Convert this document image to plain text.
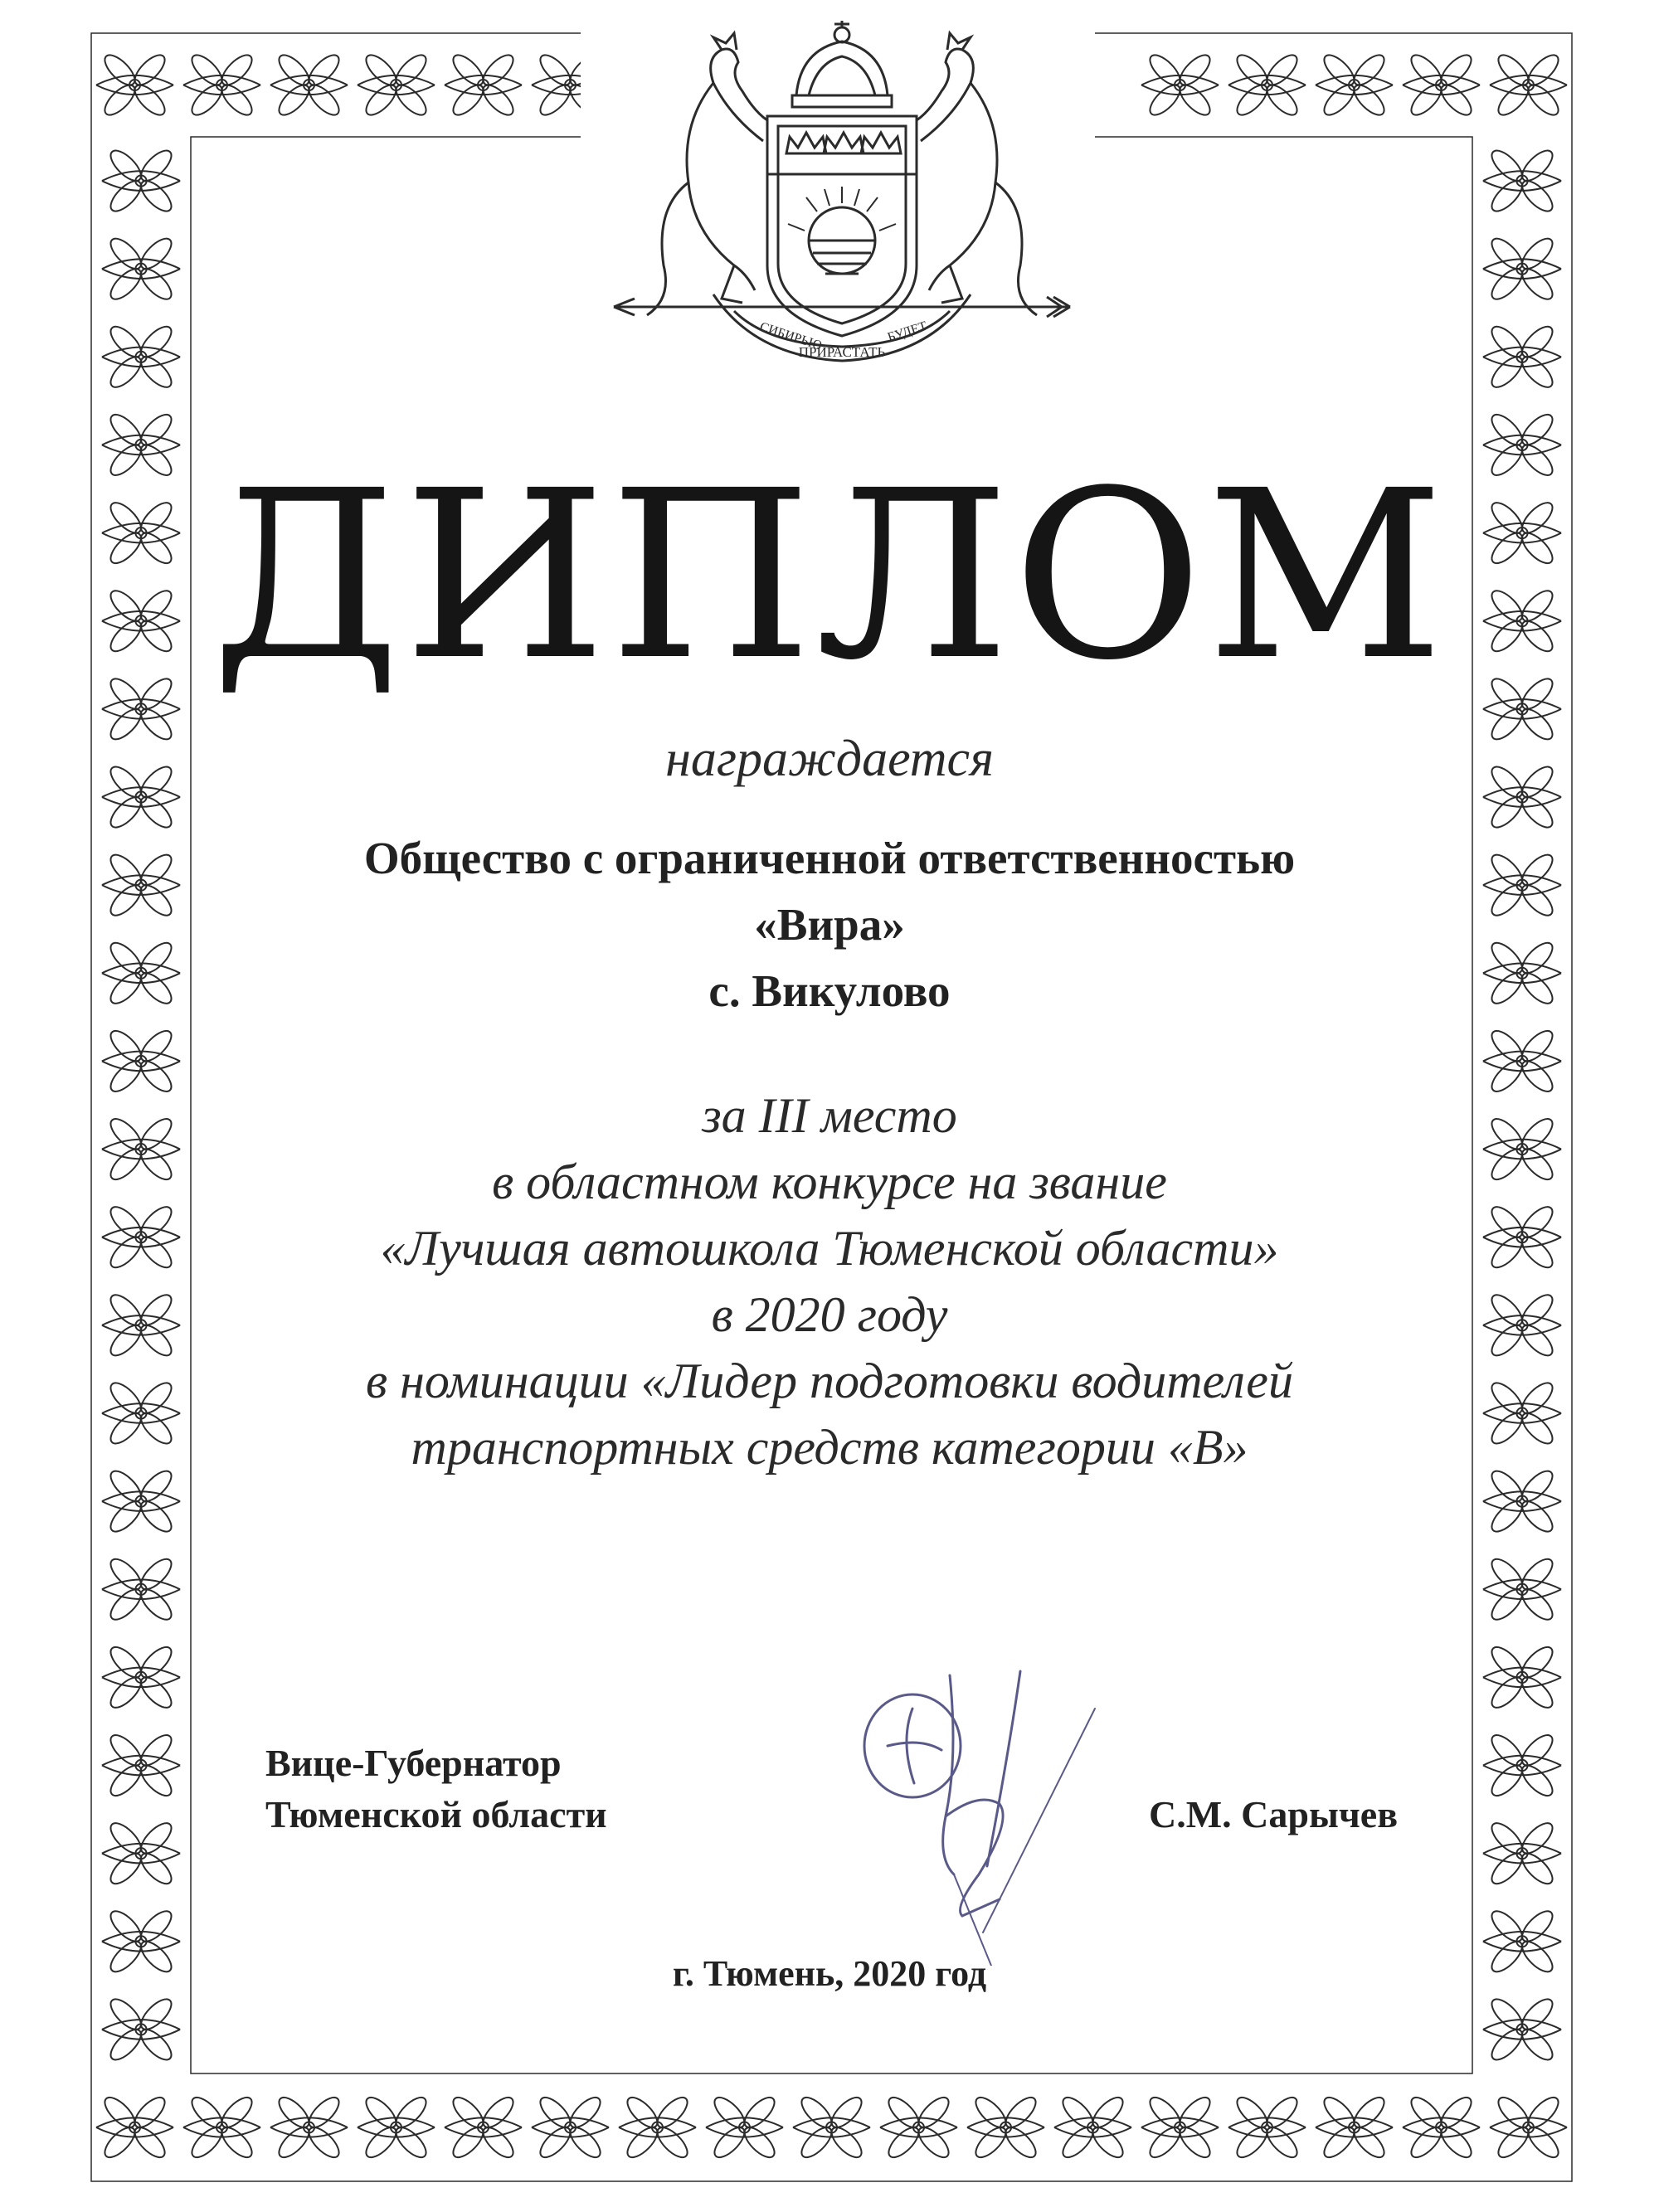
СИБИРЬЮ
ПРИРАСТАТЬ
БУДЕТ
ДИПЛОМ
награждается
Общество с ограниченной ответственностью
«Вира»
с. Викулово
за III место
в областном конкурсе на звание
«Лучшая автошкола Тюменской области»
в 2020 году
в номинации «Лидер подготовки водителей
транспортных средств категории «В»
Вице-Губернатор
Тюменской области	С.М. Сарычев
г. Тюмень, 2020 год
